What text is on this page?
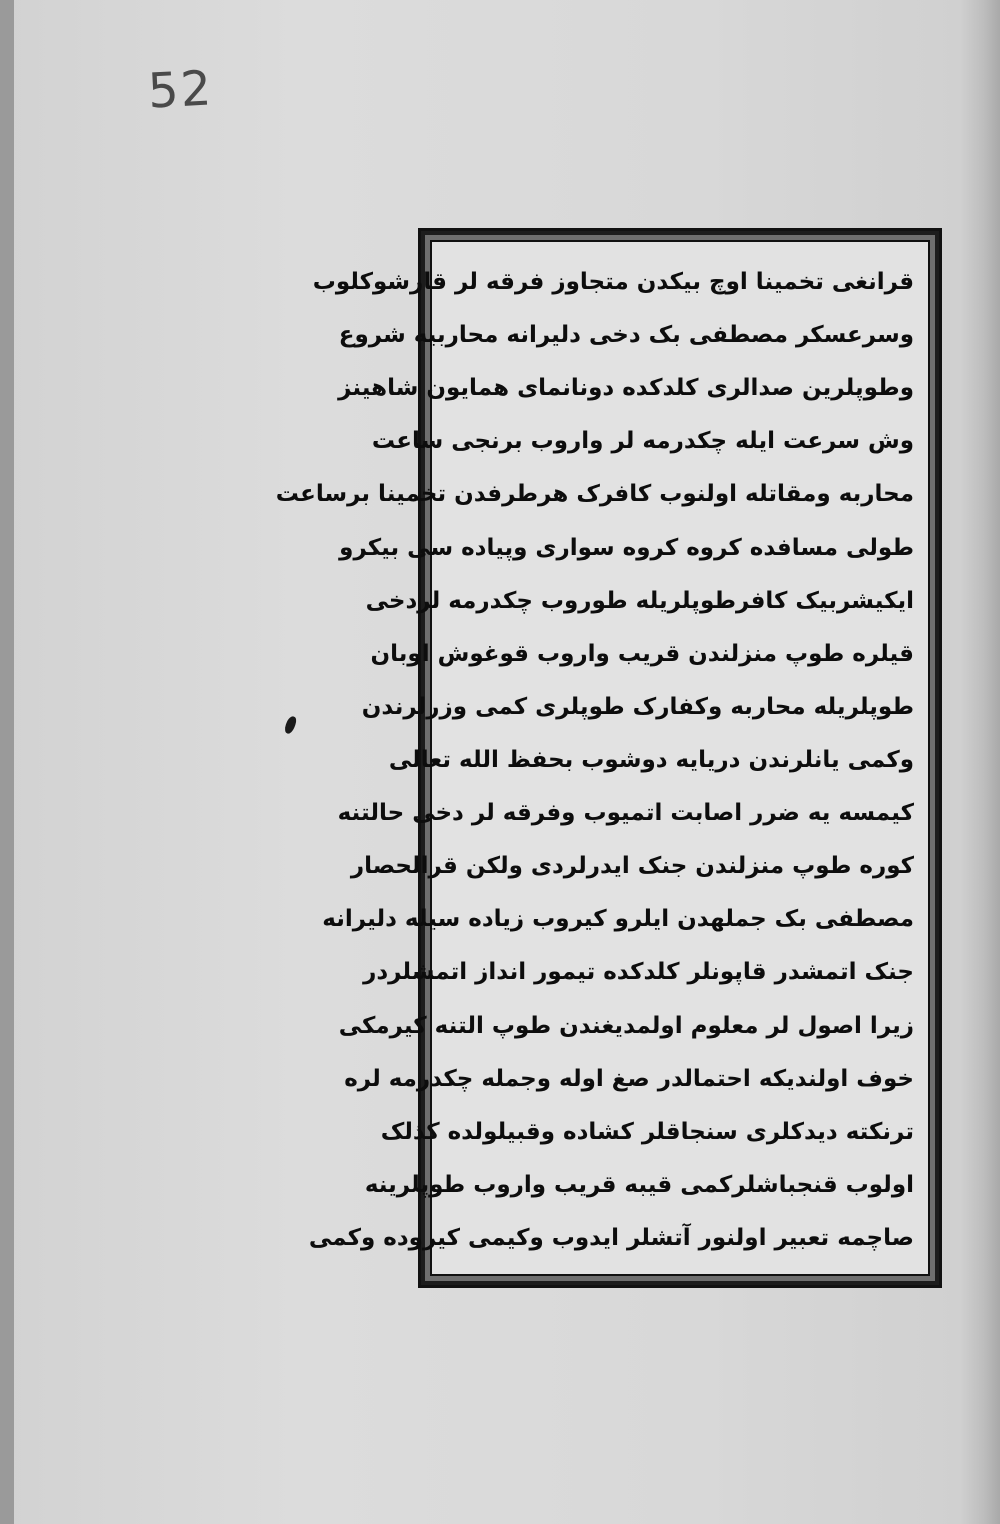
52
قرانغی تخمینا اوچ بیکدن متجاوز فرقه لر قارشوکلوب
وسرعسکر مصطفی بک دخی دلیرانه محاربیه شروع
وطوپلرین صدالری کلدکده دونانمای همایون شاهینز
وش سرعت ایله چکدرمه لر واروب برنجی ساعت
محاربه ومقاتله اولنوب کافرک هرطرفدن تخمینا برساعت
طولی مسافده کروه کروه سواری وپیاده سی بیکرو
ایکیشربیک کافرطوپلریله طوروب چکدرمه لردخی
قیلره طوپ منزلندن قریب واروب قوغوش اوبان
طوپلریله محاربه وکفارک طوپلری کمی وزرلرندن
وکمی یانلرندن دریایه دوشوب بحفظ الله تعالی
کیمسه یه ضرر اصابت اتمیوب وفرقه لر دخی حالتنه
کوره طوپ منزلندن جنک ایدرلردی ولکن قرالحصار
مصطفی بک جملهدن ایلرو کیروب زیاده سیله دلیرانه
جنک اتمشدر قاپونلر کلدکده تیمور انداز اتمشلردر
زیرا اصول لر معلوم اولمدیغندن طوپ التنه کیرمکی
خوف اولندیکه احتمالدر صغ اوله وجمله چکدرمه لره
ترنکته دیدکلری سنجاقلر کشاده وقبیلولده کذلک
اولوب قنجباشلرکمی قیبه قریب واروب طوپلرینه
صاچمه تعبیر اولنور آتشلر ایدوب وکیمی کیروده وکمی
